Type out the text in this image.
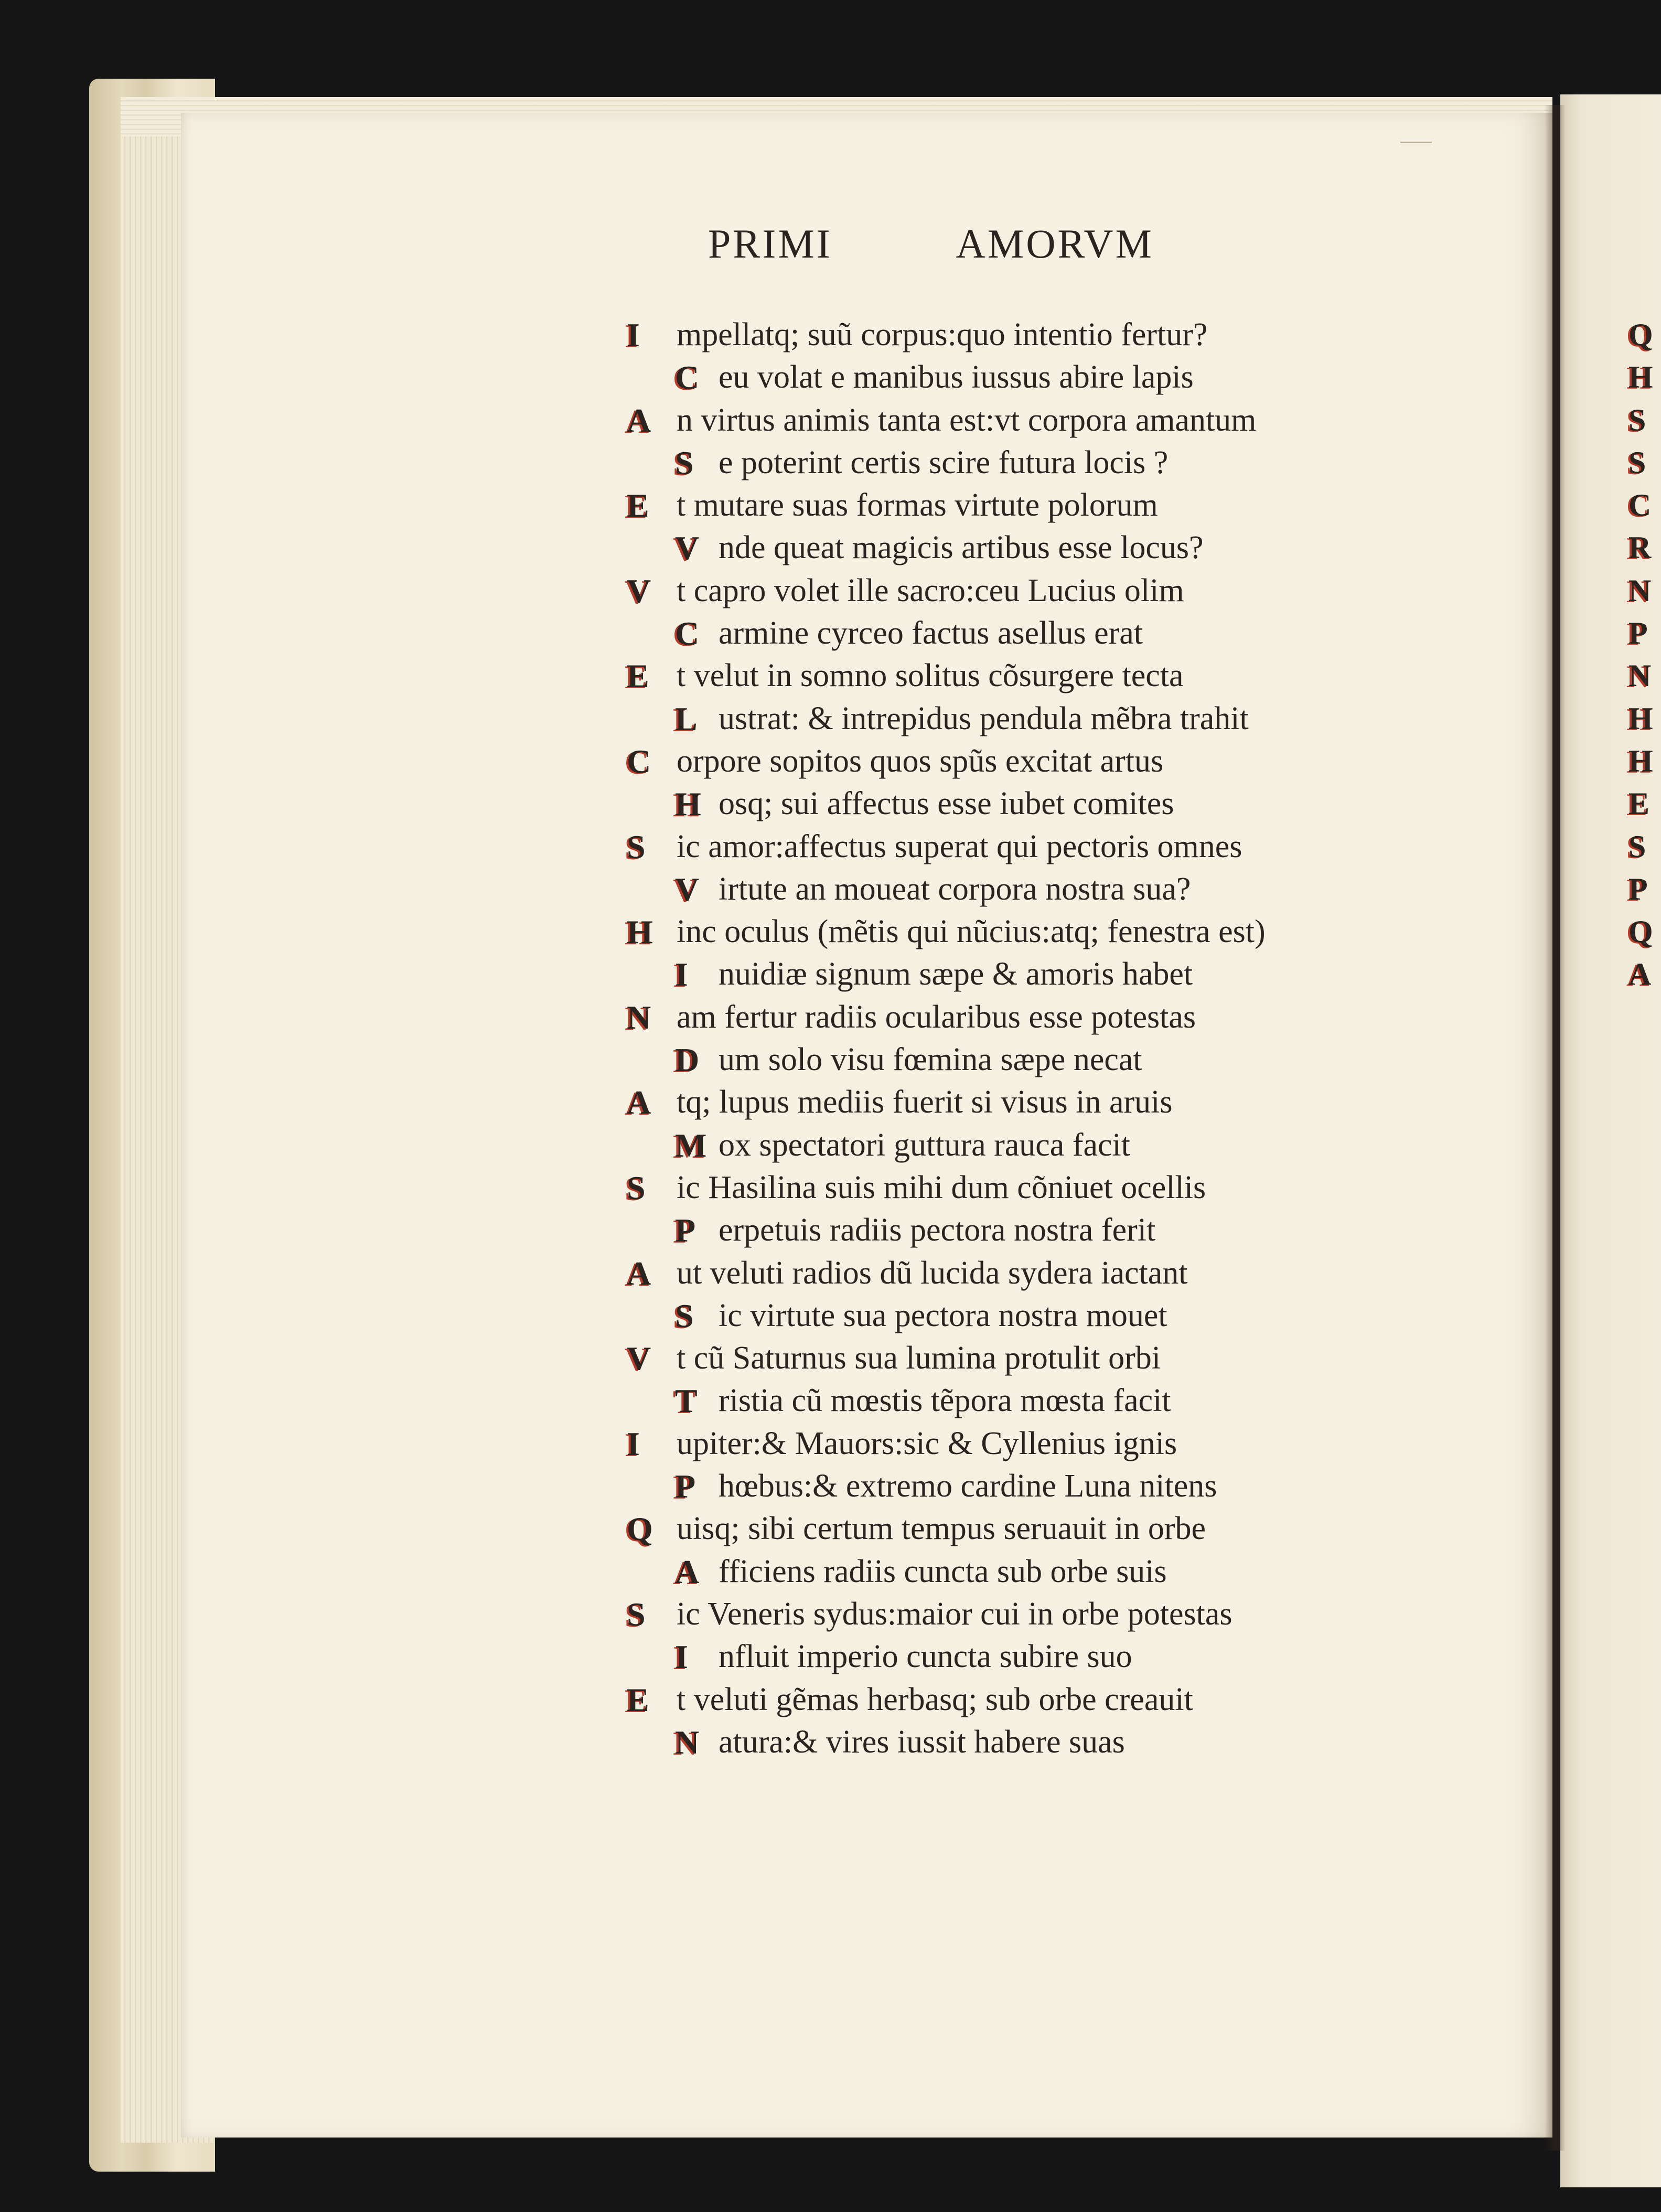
PRIMI	AMORVM
I mpellatq; suũ corpus:quo intentio fertur?
C eu volat e manibus iussus abire lapis
A n virtus animis tanta est:vt corpora amantum
S e poterint certis scire futura locis ?
E t mutare suas formas virtute polorum
V nde queat magicis artibus esse locus?
V t capro volet ille sacro:ceu Lucius olim
C armine cyrceo factus asellus erat
E t velut in somno solitus cõsurgere tecta
L ustrat: & intrepidus pendula mẽbra trahit
C orpore sopitos quos spũs excitat artus
H osq; sui affectus esse iubet comites
S ic amor:affectus superat qui pectoris omnes
V irtute an moueat corpora nostra sua?
H inc oculus (mẽtis qui nũcius:atq; fenestra est)
I nuidiæ signum sæpe & amoris habet
N am fertur radiis ocularibus esse potestas
D um solo visu fœmina sæpe necat
A tq; lupus mediis fuerit si visus in aruis
M ox spectatori guttura rauca facit
S ic Hasilina suis mihi dum cõniuet ocellis
P erpetuis radiis pectora nostra ferit
A ut veluti radios dũ lucida sydera iactant
S ic virtute sua pectora nostra mouet
V t cũ Saturnus sua lumina protulit orbi
T ristia cũ mœstis tẽpora mœsta facit
I upiter:& Mauors:sic & Cyllenius ignis
P hœbus:& extremo cardine Luna nitens
Q uisq; sibi certum tempus seruauit in orbe
A fficiens radiis cuncta sub orbe suis
S ic Veneris sydus:maior cui in orbe potestas
I nfluit imperio cuncta subire suo
E t veluti gẽmas herbasq; sub orbe creauit
N atura:& vires iussit habere suas
Q
H
S
S
C
R
N
P
N
H
H
E
S
P
Q
A
